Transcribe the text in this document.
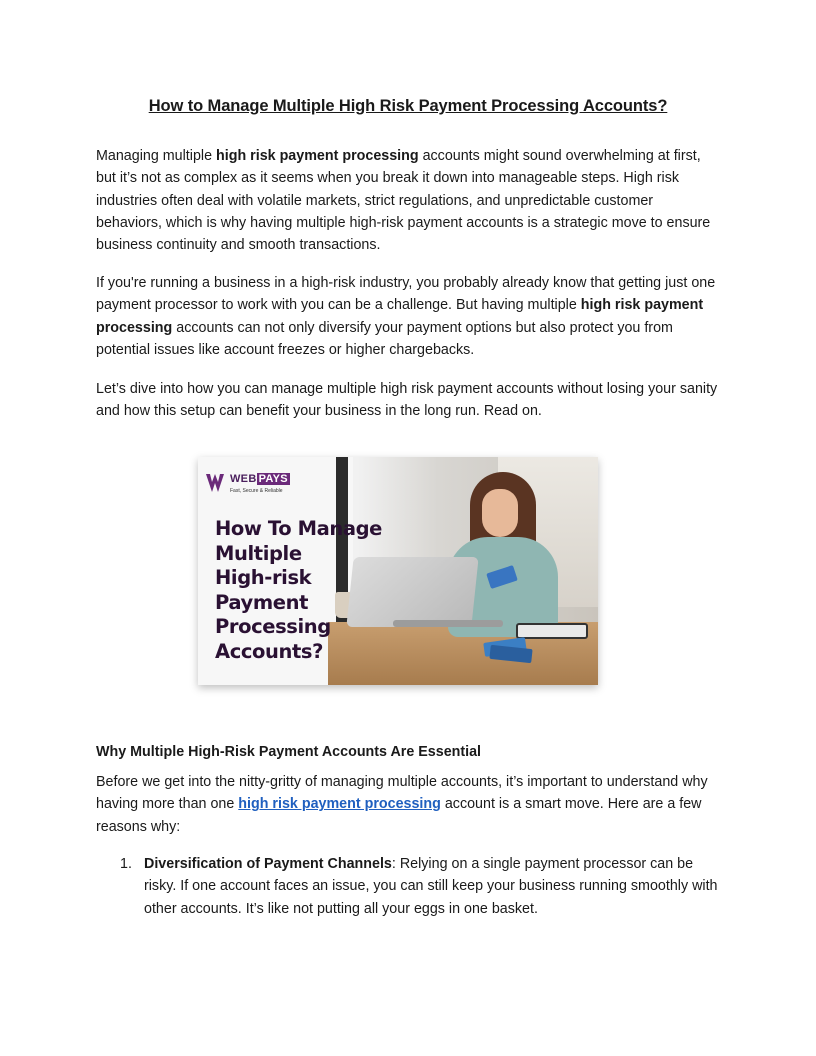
How to Manage Multiple High Risk Payment Processing Accounts?

Managing multiple high risk payment processing accounts might sound overwhelming at first, but it’s not as complex as it seems when you break it down into manageable steps. High risk industries often deal with volatile markets, strict regulations, and unpredictable customer behaviors, which is why having multiple high-risk payment accounts is a strategic move to ensure business continuity and smooth transactions.

If you're running a business in a high-risk industry, you probably already know that getting just one payment processor to work with you can be a challenge. But having multiple high risk payment processing accounts can not only diversify your payment options but also protect you from potential issues like account freezes or higher chargebacks.

Let’s dive into how you can manage multiple high risk payment accounts without losing your sanity and how this setup can benefit your business in the long run. Read on.

Why Multiple High-Risk Payment Accounts Are Essential

Before we get into the nitty-gritty of managing multiple accounts, it’s important to understand why having more than one high risk payment processing account is a smart move. Here are a few reasons why:

1. Diversification of Payment Channels: Relying on a single payment processor can be risky. If one account faces an issue, you can still keep your business running smoothly with other accounts. It’s like not putting all your eggs in one basket.
WEB PAYS
Fast, Secure & Reliable
How To Manage
Multiple
High-risk
Payment
Processing
Accounts?
